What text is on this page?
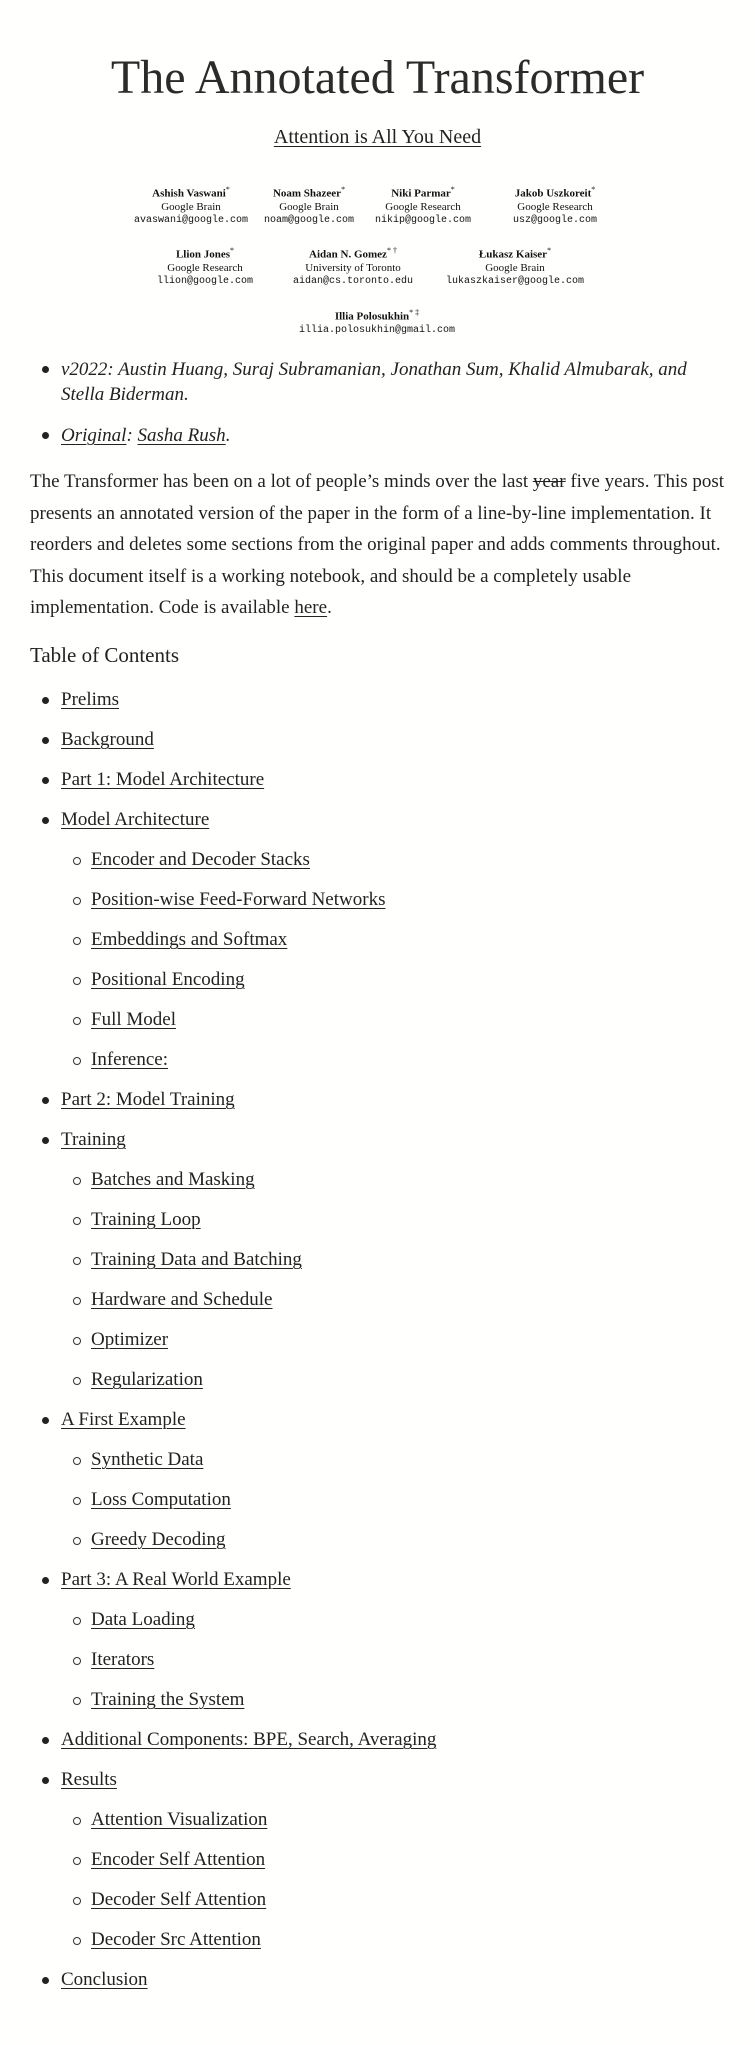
The Annotated Transformer
Attention is All You Need
Ashish Vaswani*
Google Brain
avaswani@google.com
Noam Shazeer*
Google Brain
noam@google.com
Niki Parmar*
Google Research
nikip@google.com
Jakob Uszkoreit*
Google Research
usz@google.com
Llion Jones*
Google Research
llion@google.com
Aidan N. Gomez* †
University of Toronto
aidan@cs.toronto.edu
Łukasz Kaiser*
Google Brain
lukaszkaiser@google.com
Illia Polosukhin* ‡
illia.polosukhin@gmail.com
v2022: Austin Huang, Suraj Subramanian, Jonathan Sum, Khalid Almubarak, and Stella Biderman.
Original: Sasha Rush.

The Transformer has been on a lot of people’s minds over the last year five years. This post presents an annotated version of the paper in the form of a line-by-line implementation. It reorders and deletes some sections from the original paper and adds comments throughout. This document itself is a working notebook, and should be a completely usable implementation. Code is available here.

Table of Contents
Prelims
Background
Part 1: Model Architecture
Model Architecture
Encoder and Decoder Stacks
Position-wise Feed-Forward Networks
Embeddings and Softmax
Positional Encoding
Full Model
Inference:
Part 2: Model Training
Training
Batches and Masking
Training Loop
Training Data and Batching
Hardware and Schedule
Optimizer
Regularization
A First Example
Synthetic Data
Loss Computation
Greedy Decoding
Part 3: A Real World Example
Data Loading
Iterators
Training the System
Additional Components: BPE, Search, Averaging
Results
Attention Visualization
Encoder Self Attention
Decoder Self Attention
Decoder Src Attention
Conclusion
